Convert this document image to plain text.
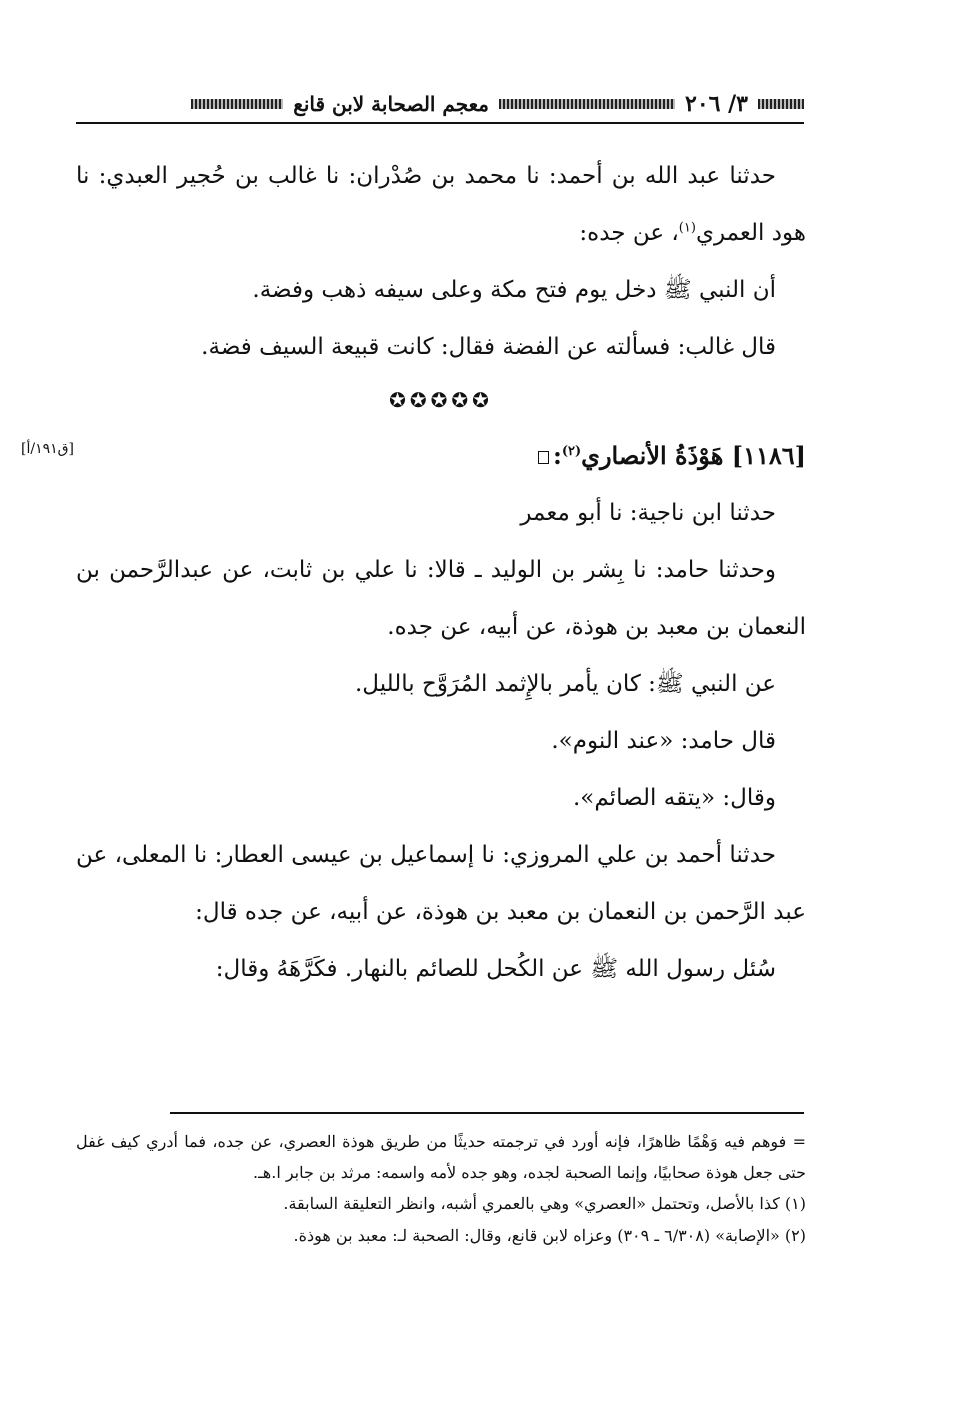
٣/ ٢٠٦
معجم الصحابة لابن قانع

حدثنا عبد الله بن أحمد: نا محمد بن صُدْران: نا غالب بن حُجير العبدي: نا هود العمري$^{(١)}$، عن جده:

أن النبي ﷺ دخل يوم فتح مكة وعلى سيفه ذهب وفضة.

قال غالب: فسألته عن الفضة فقال: كانت قبيعة السيف فضة.

✪✪✪✪✪

[ق١٩١/أ]	[١١٨٦] هَوْذَةُ الأنصاري$^{(٢)}$:

حدثنا ابن ناجية: نا أبو معمر

وحدثنا حامد: نا بِشر بن الوليد ـ قالا: نا علي بن ثابت، عن عبدالرَّحمن بن النعمان بن معبد بن هوذة، عن أبيه، عن جده.

عن النبي ﷺ: كان يأمر بالإِثمد المُرَوَّح بالليل.

قال حامد: «عند النوم».

وقال: «يتقه الصائم».

حدثنا أحمد بن علي المروزي: نا إسماعيل بن عيسى العطار: نا المعلى، عن عبد الرَّحمن بن النعمان بن معبد بن هوذة، عن أبيه، عن جده قال:

سُئل رسول الله ﷺ عن الكُحل للصائم بالنهار. فكَرَّهَهُ وقال:

= فوهم فيه وَهْمًا ظاهرًا، فإنه أورد في ترجمته حديثًا من طريق هوذة العصري، عن جده، فما أدري كيف غفل حتى جعل هوذة صحابيًا، وإنما الصحبة لجده، وهو جده لأمه واسمه: مرثد بن جابر ا.هـ.

(١) كذا بالأصل، وتحتمل «العصري» وهي بالعمري أشبه، وانظر التعليقة السابقة.

(٢) «الإصابة» (٦/٣٠٨ ـ ٣٠٩) وعزاه لابن قانع، وقال: الصحبة لـ: معبد بن هوذة.
